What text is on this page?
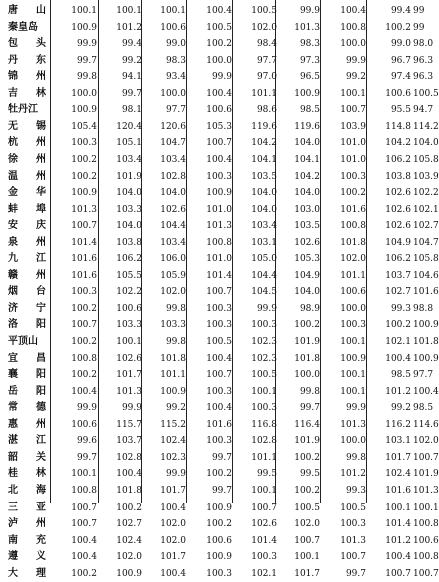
唐 山	100.1	100.1	100.1	100.4	100.5	99.9	100.4	99.4 99
秦皇岛	100.9	101.2	100.6	100.5	102.0	101.3	100.8	100.2 99
包 头	99.9	99.4	99.0	100.2	98.4	98.3	100.0	99.0 98.0
丹 东	99.7	99.2	98.3	100.0	97.7	97.3	99.9	96.7 96.3
锦 州	99.8	94.1	93.4	99.9	97.0	96.5	99.2	97.4 96.3
吉 林	100.0	99.7	100.0	100.4	101.1	100.9	100.1	100.6 100.5
牡丹江	100.9	98.1	97.7	100.6	98.6	98.5	100.7	95.5 94.7
无 锡	105.4	120.4	120.6	105.3	119.6	119.6	103.9	114.8 114.2
杭 州	100.3	105.1	104.7	100.7	104.2	104.0	101.0	104.2 104.0
徐 州	100.2	103.4	103.4	100.4	104.1	104.1	101.0	106.2 105.8
温 州	100.2	101.9	102.8	100.3	103.5	104.2	100.3	103.8 103.9
金 华	100.9	104.0	104.0	100.9	104.0	104.0	100.2	102.6 102.2
蚌 埠	101.3	103.3	102.6	101.0	104.0	103.0	101.6	102.6 102.1
安 庆	100.7	104.0	104.4	101.3	103.4	103.5	100.8	102.6 102.7
泉 州	101.4	103.8	103.4	100.8	103.1	102.6	101.8	104.9 104.7
九 江	101.6	106.2	106.0	101.0	105.0	105.3	102.0	106.2 105.8
赣 州	101.6	105.5	105.9	101.4	104.4	104.9	101.1	103.7 104.6
烟 台	100.3	102.2	102.0	100.7	104.5	104.0	100.6	102.7 101.6
济 宁	100.2	100.6	99.8	100.3	99.9	98.9	100.0	99.3 98.8
洛 阳	100.7	103.3	103.3	100.3	100.3	100.2	100.3	100.2 100.9
平顶山	100.2	100.1	99.8	100.5	102.3	101.9	100.1	102.1 101.8
宜 昌	100.8	102.6	101.8	100.4	102.3	101.8	100.9	100.4 100.9
襄 阳	100.2	101.7	101.1	100.7	100.5	100.0	100.1	98.5 97.7
岳 阳	100.4	101.3	100.9	100.3	100.1	99.8	100.1	101.2 100.4
常 德	99.9	99.9	99.2	100.4	100.3	99.7	99.9	99.2 98.5
惠 州	100.6	115.7	115.2	101.6	116.8	116.4	101.3	116.2 114.6
湛 江	99.6	103.7	102.4	100.3	102.8	101.9	100.0	103.1 102.0
韶 关	99.7	102.8	102.3	99.7	101.1	100.2	99.8	101.7 100.7
桂 林	100.1	100.4	99.9	100.2	99.5	99.5	101.2	102.4 101.9
北 海	100.8	101.8	101.7	99.7	100.1	100.2	99.3	101.6 101.3
三 亚	100.7	100.2	100.4	100.9	100.7	100.5	100.5	100.1 100.1
泸 州	100.7	102.7	102.0	100.2	102.6	102.0	100.3	101.4 100.8
南 充	100.4	102.4	102.0	100.6	101.4	100.7	101.3	101.2 100.6
遵 义	100.4	102.0	101.7	100.9	100.3	100.1	100.7	100.4 100.8
大 理	100.2	100.9	100.4	100.3	102.1	101.7	99.7	100.7 100.7
